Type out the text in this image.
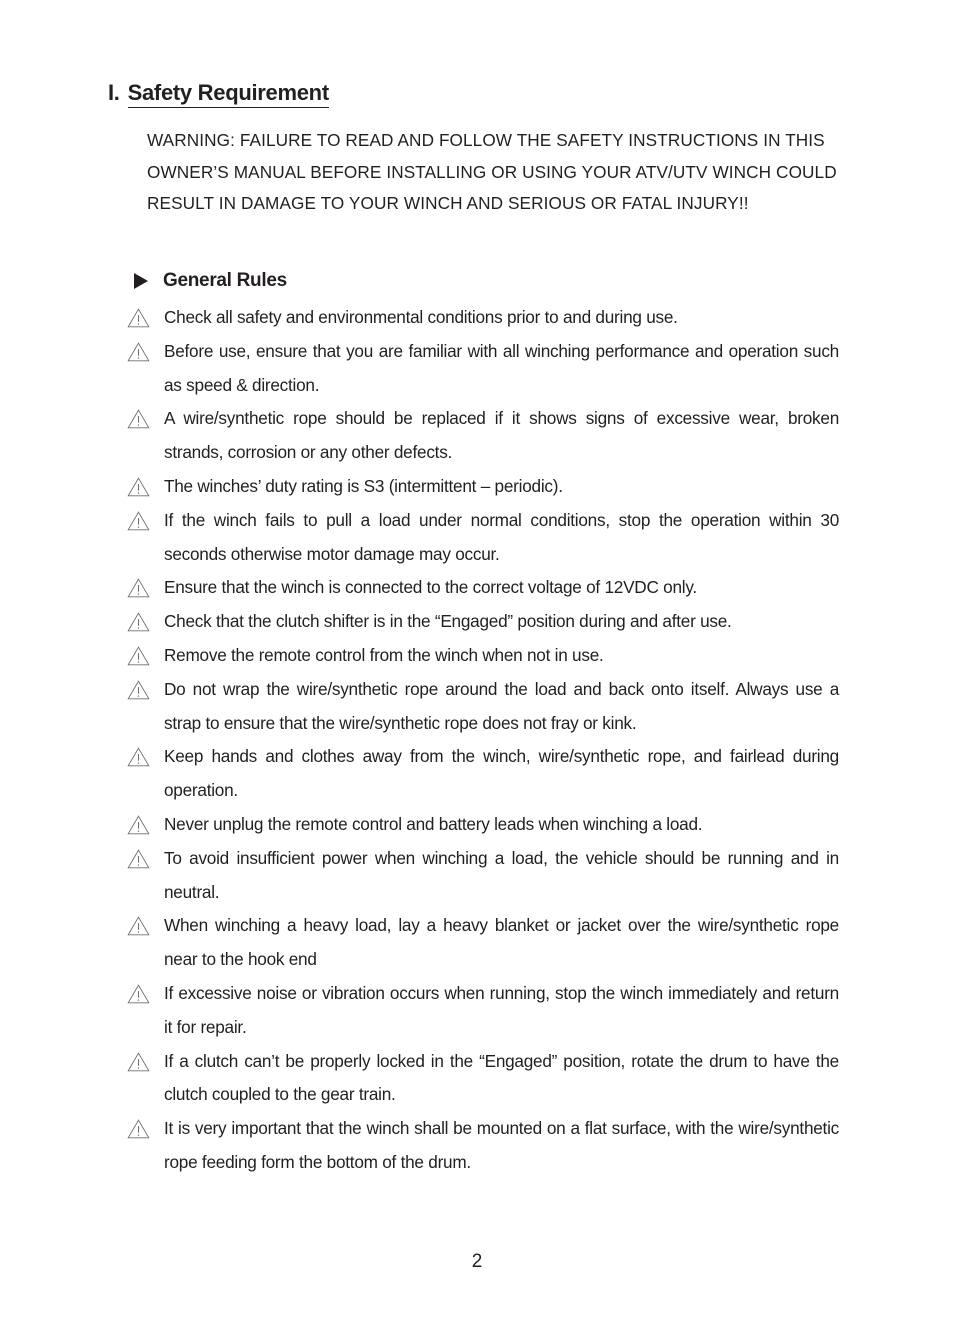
I. Safety Requirement

WARNING: FAILURE TO READ AND FOLLOW THE SAFETY INSTRUCTIONS IN THIS OWNER’S MANUAL BEFORE INSTALLING OR USING YOUR ATV/UTV WINCH COULD RESULT IN DAMAGE TO YOUR WINCH AND SERIOUS OR FATAL INJURY!!

General Rules
Check all safety and environmental conditions prior to and during use.
Before use, ensure that you are familiar with all winching performance and operation such as speed & direction.
A wire/synthetic rope should be replaced if it shows signs of excessive wear, broken strands, corrosion or any other defects.
The winches’ duty rating is S3 (intermittent – periodic).
If the winch fails to pull a load under normal conditions, stop the operation within 30 seconds otherwise motor damage may occur.
Ensure that the winch is connected to the correct voltage of 12VDC only.
Check that the clutch shifter is in the “Engaged” position during and after use.
Remove the remote control from the winch when not in use.
Do not wrap the wire/synthetic rope around the load and back onto itself. Always use a strap to ensure that the wire/synthetic rope does not fray or kink.
Keep hands and clothes away from the winch, wire/synthetic rope, and fairlead during operation.
Never unplug the remote control and battery leads when winching a load.
To avoid insufficient power when winching a load, the vehicle should be running and in neutral.
When winching a heavy load, lay a heavy blanket or jacket over the wire/synthetic rope near to the hook end
If excessive noise or vibration occurs when running, stop the winch immediately and return it for repair.
If a clutch can’t be properly locked in the “Engaged” position, rotate the drum to have the clutch coupled to the gear train.
It is very important that the winch shall be mounted on a flat surface, with the wire/synthetic rope feeding form the bottom of the drum.
2
